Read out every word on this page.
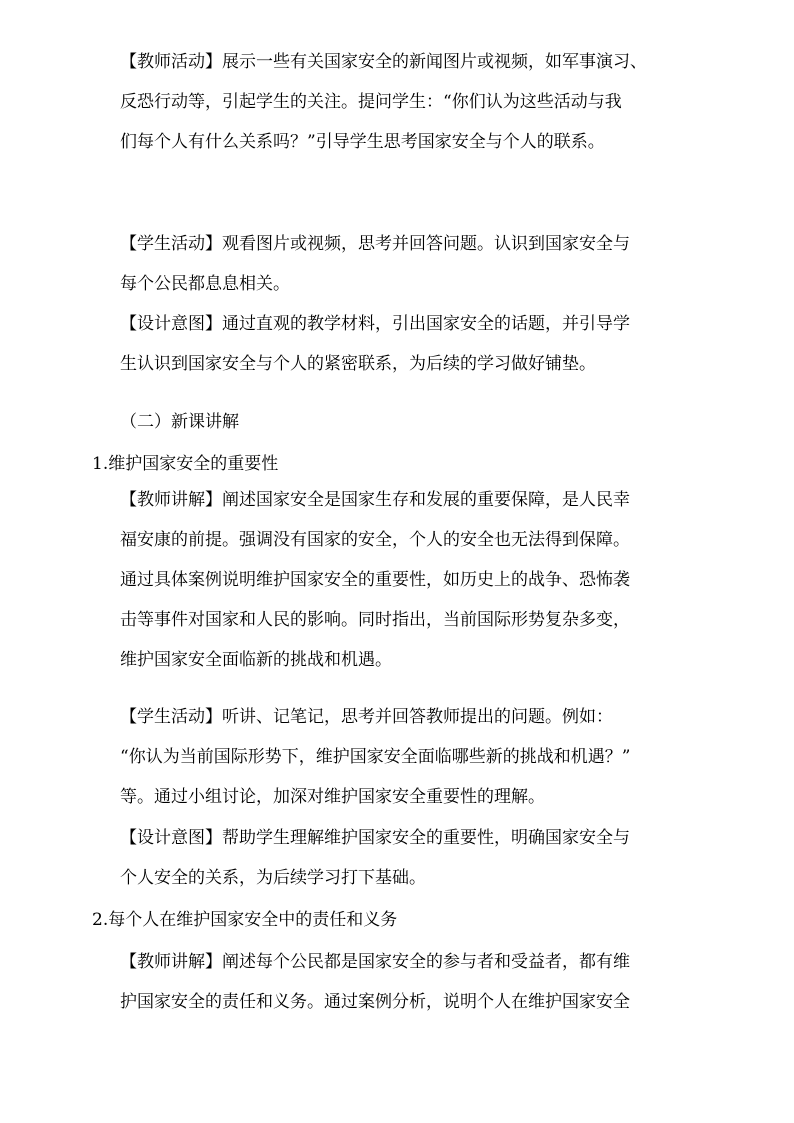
【教师活动】展示一些有关国家安全的新闻图片或视频，如军事演习、
反恐行动等，引起学生的关注。提问学生：“你们认为这些活动与我
们每个人有什么关系吗？”引导学生思考国家安全与个人的联系。

【学生活动】观看图片或视频，思考并回答问题。认识到国家安全与
每个公民都息息相关。

【设计意图】通过直观的教学材料，引出国家安全的话题，并引导学
生认识到国家安全与个人的紧密联系，为后续的学习做好铺垫。

（二）新课讲解

1.维护国家安全的重要性

【教师讲解】阐述国家安全是国家生存和发展的重要保障，是人民幸
福安康的前提。强调没有国家的安全，个人的安全也无法得到保障。
通过具体案例说明维护国家安全的重要性，如历史上的战争、恐怖袭
击等事件对国家和人民的影响。同时指出，当前国际形势复杂多变，
维护国家安全面临新的挑战和机遇。

【学生活动】听讲、记笔记，思考并回答教师提出的问题。例如：
“你认为当前国际形势下，维护国家安全面临哪些新的挑战和机遇？”
等。通过小组讨论，加深对维护国家安全重要性的理解。

【设计意图】帮助学生理解维护国家安全的重要性，明确国家安全与
个人安全的关系，为后续学习打下基础。

2.每个人在维护国家安全中的责任和义务

【教师讲解】阐述每个公民都是国家安全的参与者和受益者，都有维
护国家安全的责任和义务。通过案例分析，说明个人在维护国家安全
